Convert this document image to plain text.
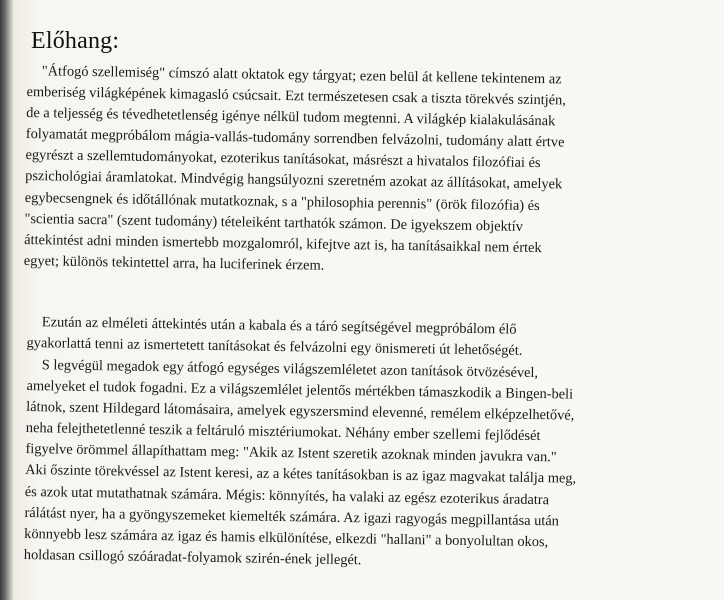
Előhang:

"Átfogó szellemiség" címszó alatt oktatok egy tárgyat; ezen belül át kellene tekintenem az
emberiség világképének kimagasló csúcsait. Ezt természetesen csak a tiszta törekvés szintjén,
de a teljesség és tévedhetetlenség igénye nélkül tudom megtenni. A világkép kialakulásának
folyamatát megpróbálom mágia-vallás-tudomány sorrendben felvázolni, tudomány alatt értve
egyrészt a szellemtudományokat, ezoterikus tanításokat, másrészt a hivatalos filozófiai és
pszichológiai áramlatokat. Mindvégig hangsúlyozni szeretném azokat az állításokat, amelyek
egybecsengnek és időtállónak mutatkoznak, s a "philosophia perennis" (örök filozófia) és
"scientia sacra" (szent tudomány) tételeiként tarthatók számon. De igyekszem objektív
áttekintést adni minden ismertebb mozgalomról, kifejtve azt is, ha tanításaikkal nem értek
egyet; különös tekintettel arra, ha luciferinek érzem.

Ezután az elméleti áttekintés után a kabala és a táró segítségével megpróbálom élő
gyakorlattá tenni az ismertetett tanításokat és felvázolni egy önismereti út lehetőségét.

S legvégül megadok egy átfogó egységes világszemléletet azon tanítások ötvözésével,
amelyeket el tudok fogadni. Ez a világszemlélet jelentős mértékben támaszkodik a Bingen-beli
látnok, szent Hildegard látomásaira, amelyek egyszersmind elevenné, remélem elképzelhetővé,
neha felejthetetlenné teszik a feltáruló misztériumokat. Néhány ember szellemi fejlődését
figyelve örömmel állapíthattam meg: "Akik az Istent szeretik azoknak minden javukra van."
Aki őszinte törekvéssel az Istent keresi, az a kétes tanításokban is az igaz magvakat találja meg,
és azok utat mutathatnak számára. Mégis: könnyítés, ha valaki az egész ezoterikus áradatra
rálátást nyer, ha a gyöngyszemeket kiemelték számára. Az igazi ragyogás megpillantása után
könnyebb lesz számára az igaz és hamis elkülönítése, elkezdi "hallani" a bonyolultan okos,
holdasan csillogó szóáradat-folyamok szirén-ének jellegét.
